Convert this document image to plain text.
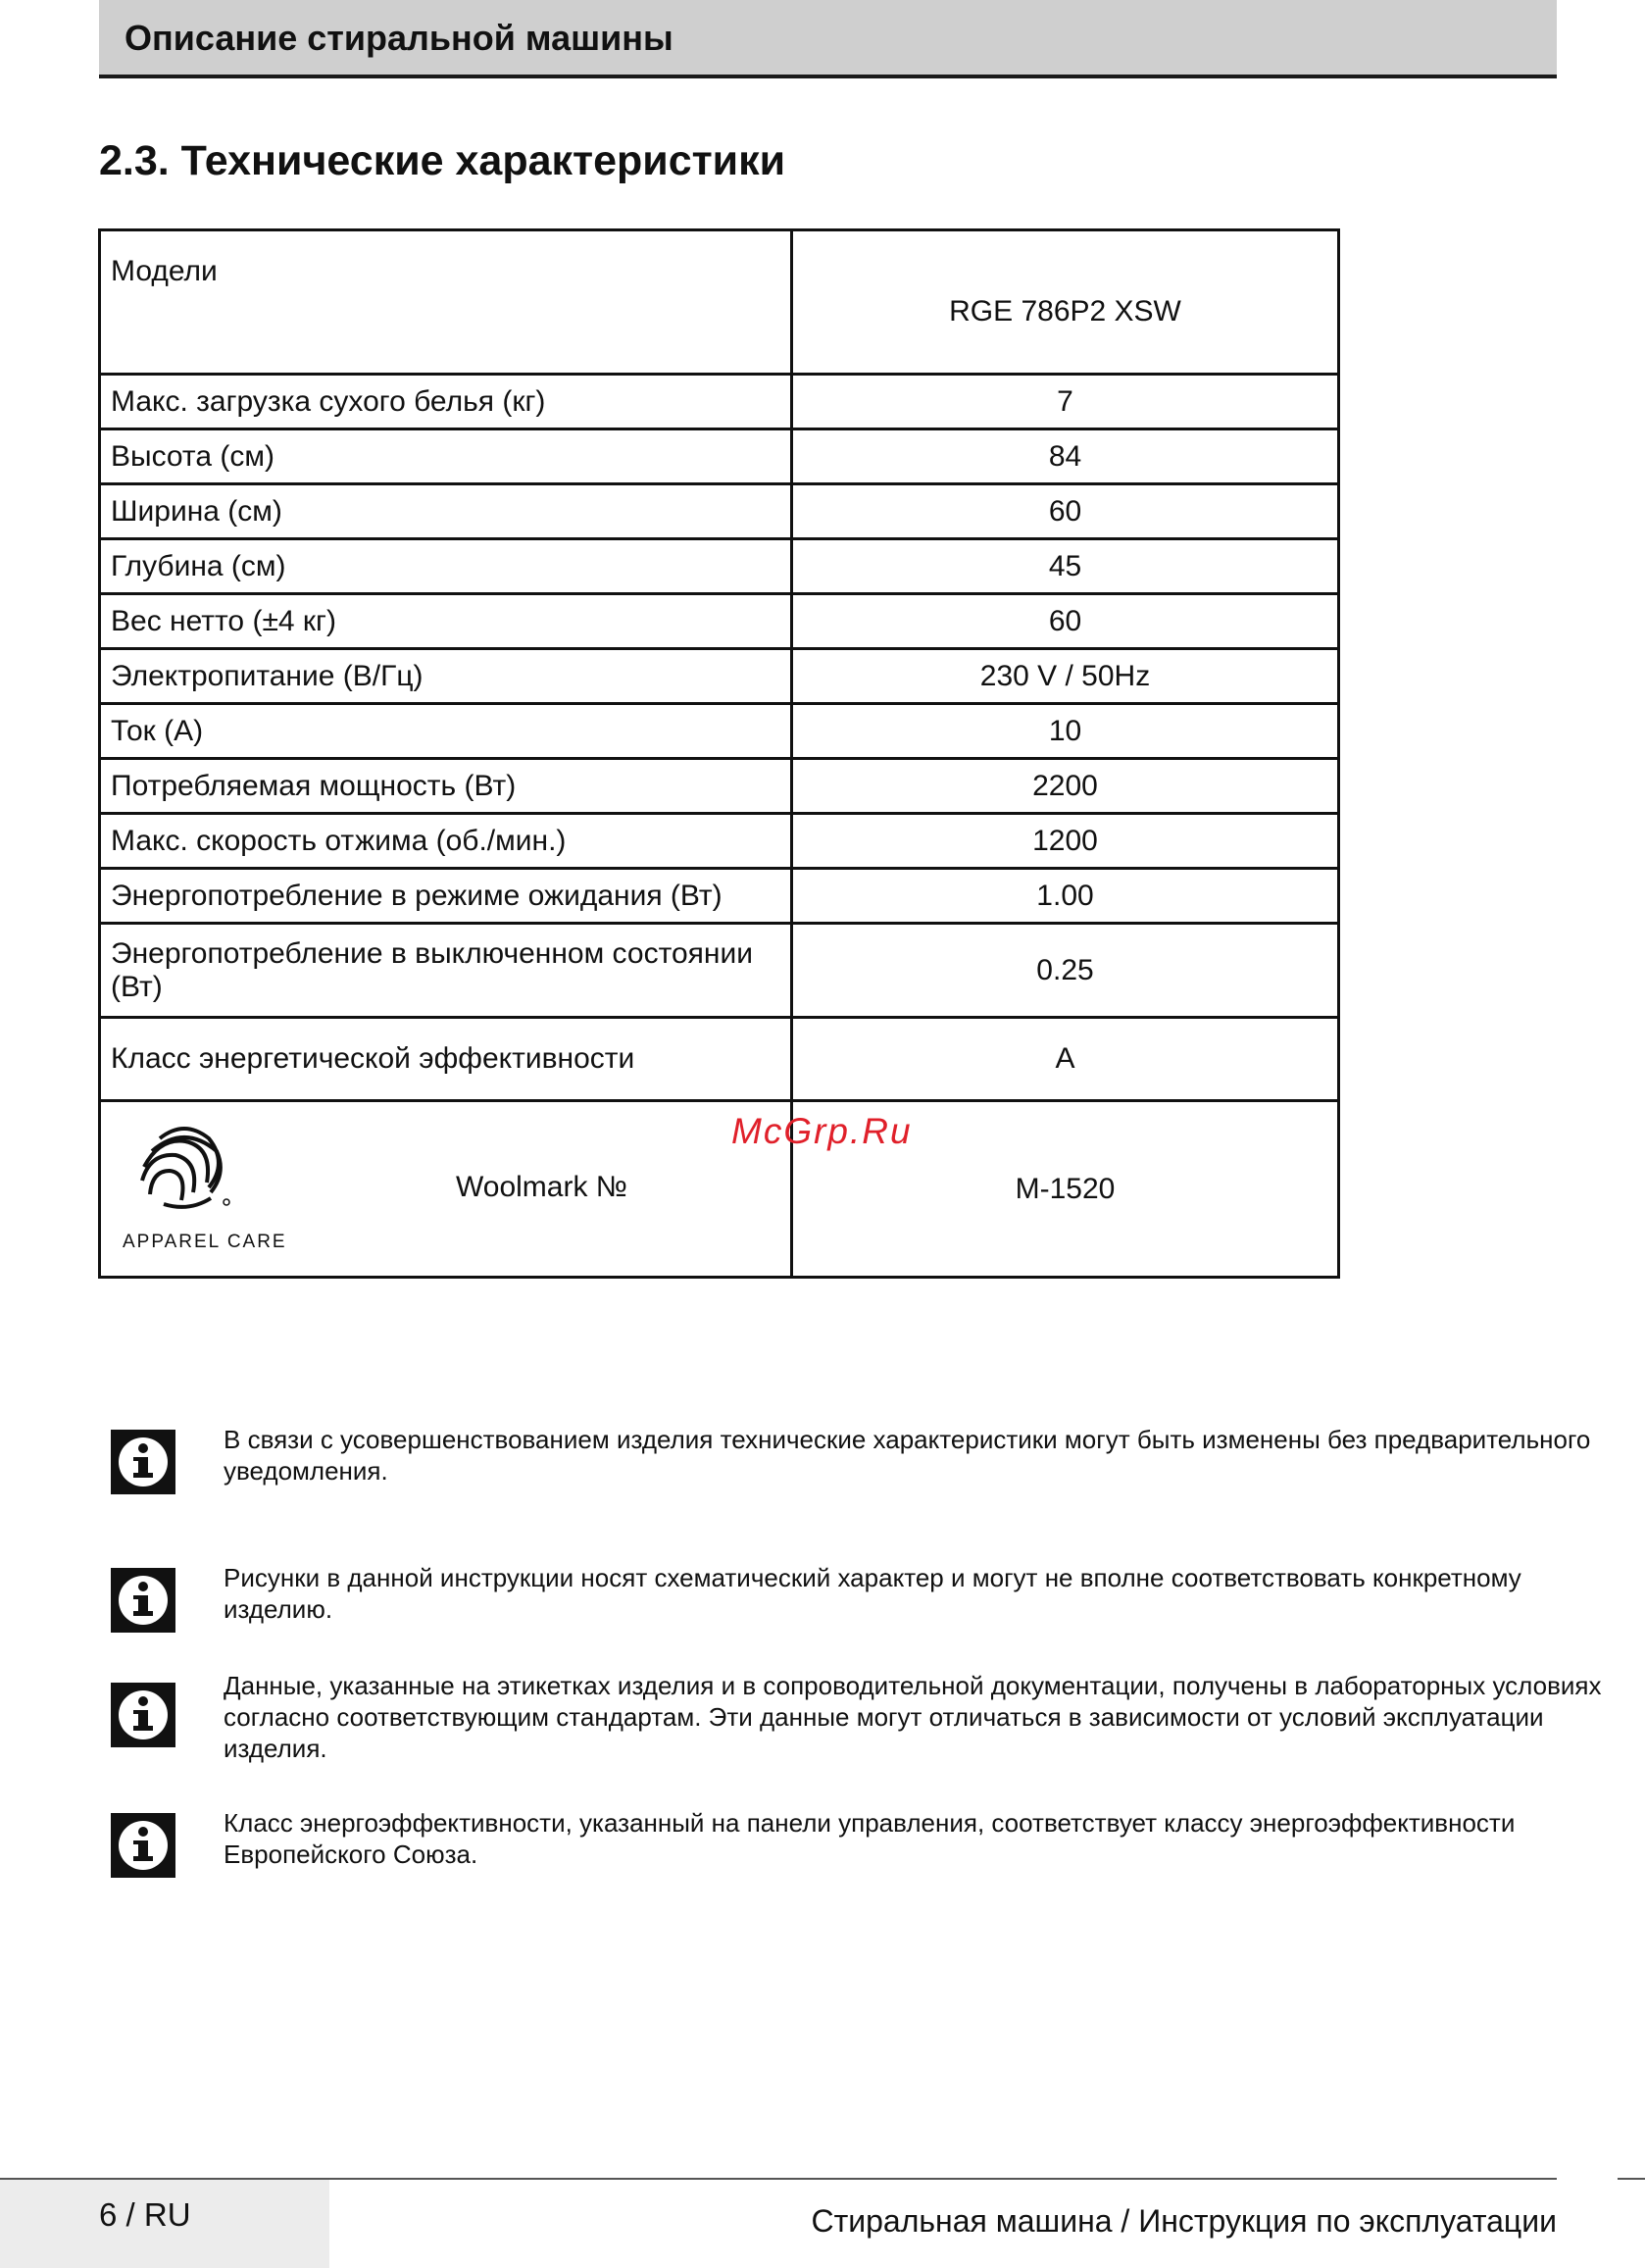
Описание стиральной машины
2.3. Технические характеристики
Модели	RGE 786P2 XSW
Макс. загрузка сухого белья (кг)	7
Высота (см)	84
Ширина (см)	60
Глубина (см)	45
Вес нетто (±4 кг)	60
Электропитание (В/Гц)	230 V / 50Hz
Ток (А)	10
Потребляемая мощность (Вт)	2200
Макс. скорость отжима (об./мин.)	1200
Энергопотребление в режиме ожидания (Вт)	1.00
Энергопотребление в выключенном состоянии (Вт)	0.25
Класс энергетической эффективности	A

APPAREL CARE
Woolmark №	M-1520
McGrp.Ru
В связи с усовершенствованием изделия технические характеристики могут быть изменены без предварительного уведомления.
Рисунки в данной инструкции носят схематический характер и могут не вполне соответствовать конкретному изделию.
Данные, указанные на этикетках изделия и в сопроводительной документации, получены в лабораторных условиях согласно соответствующим стандартам. Эти данные могут отличаться в зависимости от условий эксплуатации изделия.
Класс энергоэффективности, указанный на панели управления, соответствует классу энергоэффективности Европейского Союза.
6 / RU	Стиральная машина / Инструкция по эксплуатации
